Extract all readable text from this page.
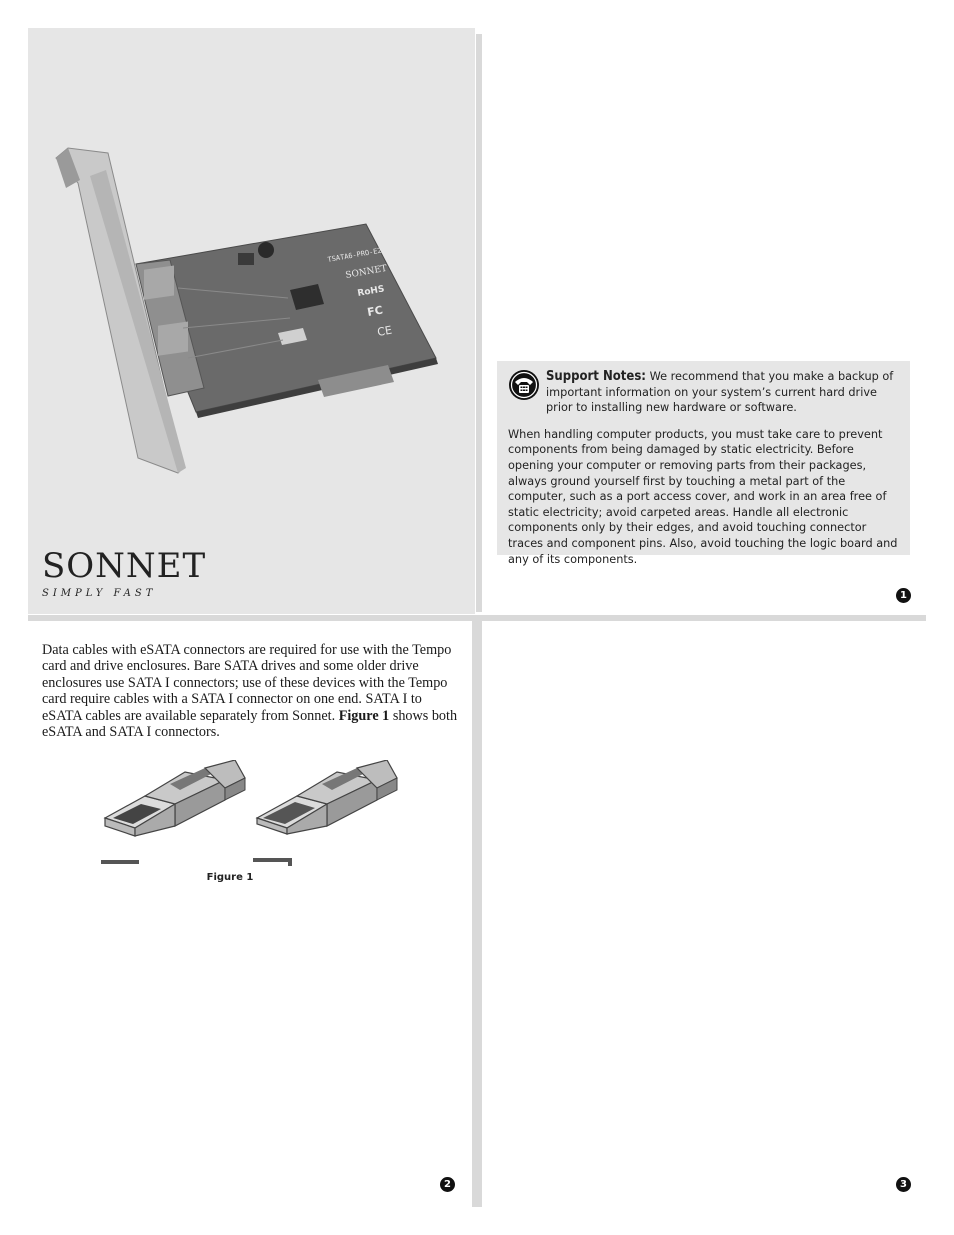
TSATA6-PRO-E2
SONNET
RoHS
FC
CE
SONNET
SIMPLY FAST

Support Notes: We recommend that you make a backup of important information on your system’s current hard drive prior to installing new hardware or software.

When handling computer products, you must take care to prevent components from being damaged by static electricity. Before opening your computer or removing parts from their packages, always ground yourself first by touching a metal part of the computer, such as a port access cover, and work in an area free of static electricity; avoid carpeted areas. Handle all electronic components only by their edges, and avoid touching connector traces and component pins. Also, avoid touching the logic board and any of its components.

1

Data cables with eSATA connectors are required for use with the Tempo card and drive enclosures. Bare SATA drives and some older drive enclosures use SATA I connectors; use of these devices with the Tempo card require cables with a SATA I connector on one end. SATA I to eSATA cables are available separately from Sonnet. Figure 1 shows both eSATA and SATA I connectors.

Figure 1
2	3
